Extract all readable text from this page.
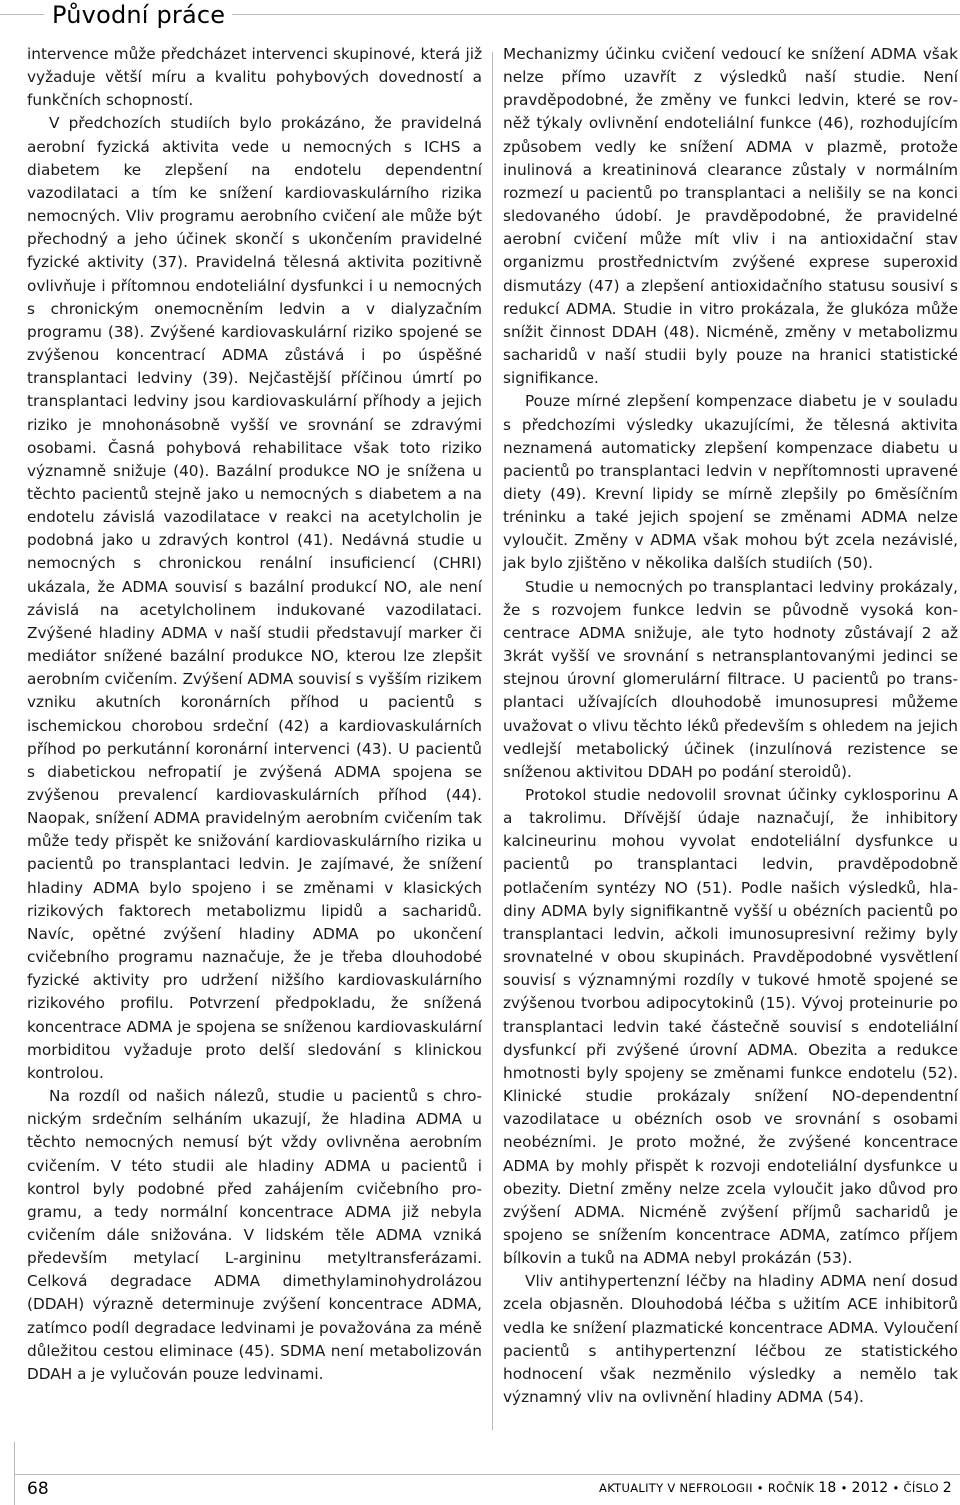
Původní práce

intervence může předcházet intervenci skupinové, která již vyžaduje větší míru a kvalitu pohybových dovedností a funkčních schopností.

V předchozích studiích bylo prokázáno, že pravidelná aerobní fyzická aktivita vede u nemocných s ICHS a diabetem ke zlepšení na endotelu dependentní vazodilataci a tím ke snížení kardiovaskulárního rizika nemocných. Vliv programu aerobního cvičení ale může být přechodný a jeho účinek skončí s ukončením pravidelné fyzické aktivity (37). Pravidelná tělesná aktivita pozitivně ovlivňuje i přítomnou endoteliální dysfunkci i u nemocných s chronickým onemocněním ledvin a v dialyzačním programu (38). Zvýšené kardiovaskulární riziko spojené se zvýšenou koncentrací ADMA zůstává i po úspěšné transplantaci ledviny (39). Nejčastější příčinou úmrtí po transplantaci ledviny jsou kardiovaskulární příhody a jejich riziko je mnohonásobně vyšší ve srovnání se zdravými osobami. Časná pohybová rehabilitace však toto riziko významně snižuje (40). Bazální produkce NO je snížena u těchto pacientů stejně jako u nemocných s diabetem a na endotelu závislá vazodilatace v reakci na acetylcholin je podobná jako u zdravých kontrol (41). Nedávná studie u nemocných s chronickou renální insuficiencí (CHRI) ukázala, že ADMA souvisí s bazální produkcí NO, ale není závislá na acetylcholinem indukované vazodilataci. Zvýšené hladiny ADMA v naší studii představují marker či mediátor snížené bazální produkce NO, kterou lze zlepšit aerobním cvičením. Zvýšení ADMA souvisí s vyšším rizikem vzniku akutních koronárních příhod u pacientů s ischemickou chorobou srdeční (42) a kardiovaskulárních příhod po perkutánní koronární intervenci (43). U pacientů s diabetickou nefropatií je zvýšená ADMA spojena se zvýšenou prevalencí kardiovaskulárních příhod (44). Naopak, snížení ADMA pravidelným aerobním cvičením tak může tedy přispět ke snižování kardiovaskulárního rizika u pacientů po transplantaci ledvin. Je zajímavé, že snížení hladiny ADMA bylo spojeno i se změnami v klasických rizikových faktorech metabolizmu lipidů a sacharidů. Navíc, opětné zvýšení hladiny ADMA po ukončení cvičebního programu naznačuje, že je třeba dlouhodobé fyzické aktivity pro udržení nižšího kardiovaskulárního rizikového profilu. Potvrzení předpokladu, že snížená koncentrace ADMA je spojena se sníženou kardiovaskulární morbiditou vyžaduje proto delší sledování s klinickou kontrolou.

Na rozdíl od našich nálezů, studie u pacientů s chronickým srdečním selháním ukazují, že hladina ADMA u těchto nemocných nemusí být vždy ovlivněna aerobním cvičením. V této studii ale hladiny ADMA u pacientů i kontrol byly podobné před zahájením cvičebního programu, a tedy normální koncentrace ADMA již nebyla cvičením dále snižována. V lidském těle ADMA vzniká především metylací L-argininu metyltransferázami. Celková degradace ADMA dimethylaminohydrolázou (DDAH) výrazně determinuje zvýšení koncentrace ADMA, zatímco podíl degradace ledvinami je považována za méně důležitou cestou eliminace (45). SDMA není metabolizován DDAH a je vylučován pouze ledvinami.

Mechanizmy účinku cvičení vedoucí ke snížení ADMA však nelze přímo uzavřít z výsledků naší studie. Není pravděpodobné, že změny ve funkci ledvin, které se rovněž týkaly ovlivnění endoteliální funkce (46), rozhodujícím způsobem vedly ke snížení ADMA v plazmě, protože inulinová a kreatininová clearance zůstaly v normálním rozmezí u pacientů po transplantaci a nelišily se na konci sledovaného údobí. Je pravděpodobné, že pravidelné aerobní cvičení může mít vliv i na antioxidační stav organizmu prostřednictvím zvýšené exprese superoxid dismutázy (47) a zlepšení antioxidačního statusu sousiví s redukcí ADMA. Studie in vitro prokázala, že glukóza může snížit činnost DDAH (48). Nicméně, změny v metabolizmu sacharidů v naší studii byly pouze na hranici statistické signifikance.

Pouze mírné zlepšení kompenzace diabetu je v souladu s předchozími výsledky ukazujícími, že tělesná aktivita neznamená automaticky zlepšení kompenzace diabetu u pacientů po transplantaci ledvin v nepřítomnosti upravené diety (49). Krevní lipidy se mírně zlepšily po 6měsíčním tréninku a také jejich spojení se změnami ADMA nelze vyloučit. Změny v ADMA však mohou být zcela nezávislé, jak bylo zjištěno v několika dalších studiích (50).

Studie u nemocných po transplantaci ledviny prokázaly, že s rozvojem funkce ledvin se původně vysoká koncentrace ADMA snižuje, ale tyto hodnoty zůstávají 2 až 3krát vyšší ve srovnání s netransplantovanými jedinci se stejnou úrovní glomerulární filtrace. U pacientů po transplantaci užívajících dlouhodobě imunosupresi můžeme uvažovat o vlivu těchto léků především s ohledem na jejich vedlejší metabolický účinek (inzulínová rezistence se sníženou aktivitou DDAH po podání steroidů).

Protokol studie nedovolil srovnat účinky cyklosporinu A a takrolimu. Dřívější údaje naznačují, že inhibitory kalcineurinu mohou vyvolat endoteliální dysfunkce u pacientů po transplantaci ledvin, pravděpodobně potlačením syntézy NO (51). Podle našich výsledků, hladiny ADMA byly signifikantně vyšší u obézních pacientů po transplantaci ledvin, ačkoli imunosupresivní režimy byly srovnatelné v obou skupinách. Pravděpodobné vysvětlení souvisí s významnými rozdíly v tukové hmotě spojené se zvýšenou tvorbou adipocytokinů (15). Vývoj proteinurie po transplantaci ledvin také částečně souvisí s endoteliální dysfunkcí při zvýšené úrovní ADMA. Obezita a redukce hmotnosti byly spojeny se změnami funkce endotelu (52). Klinické studie prokázaly snížení NO-dependentní vazodilatace u obézních osob ve srovnání s osobami neobézními. Je proto možné, že zvýšené koncentrace ADMA by mohly přispět k rozvoji endoteliální dysfunkce u obezity. Dietní změny nelze zcela vyloučit jako důvod pro zvýšení ADMA. Nicméně zvýšení příjmů sacharidů je spojeno se snížením koncentrace ADMA, zatímco příjem bílkovin a tuků na ADMA nebyl prokázán (53).

Vliv antihypertenzní léčby na hladiny ADMA není dosud zcela objasněn. Dlouhodobá léčba s užitím ACE inhibitorů vedla ke snížení plazmatické koncentrace ADMA. Vyloučení pacientů s antihypertenzní léčbou ze statistického hodnocení však nezměnilo výsledky a nemělo tak významný vliv na ovlivnění hladiny ADMA (54).

68	AKTUALITY V NEFROLOGII • ROČNÍK 18 • 2012 • ČÍSLO 2
